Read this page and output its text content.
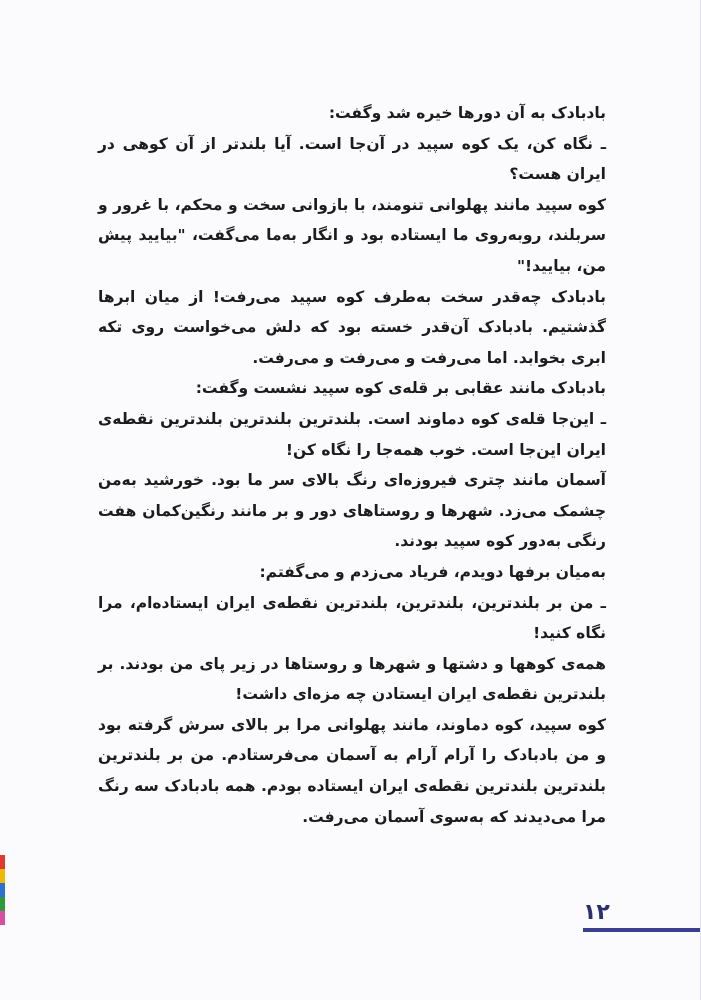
بادبادک به آن دورها خیره شد وگفت:

ـ نگاه کن، یک کوه سپید در آن‌جا است. آیا بلندتر از آن کوهی در ایران هست؟

کوه سپید مانند پهلوانی تنومند، با بازوانی سخت و محکم، با غرور و سربلند، روبه‌روی ما ایستاده بود و انگار به‌ما می‌گفت، "بیایید پیش من، بیایید!"

بادبادک چه‌قدر سخت به‌طرف کوه سپید می‌رفت! از میان ابرها گذشتیم. بادبادک آن‌قدر خسته بود که دلش می‌خواست روی تکه ابری بخوابد. اما می‌رفت و می‌رفت و می‌رفت.

بادبادک مانند عقابی بر قله‌ی کوه سپید نشست وگفت:

ـ این‌جا قله‌ی کوه دماوند است. بلندترین بلندترین بلندترین نقطه‌ی ایران این‌جا است. خوب همه‌جا را نگاه کن!

آسمان مانند چتری فیروزه‌ای رنگ بالای سر ما بود. خورشید به‌من چشمک می‌زد. شهرها و روستاهای دور و بر مانند رنگین‌کمان هفت رنگی به‌دور کوه سپید بودند.

به‌میان برفها دویدم، فریاد می‌زدم و می‌گفتم:

ـ من بر بلندترین، بلندترین، بلندترین نقطه‌ی ایران ایستاده‌ام، مرا نگاه کنید!

همه‌ی کوهها و دشتها و شهرها و روستاها در زیر پای من بودند. بر بلندترین نقطه‌ی ایران ایستادن چه مزه‌ای داشت!

کوه سپید، کوه دماوند، مانند پهلوانی مرا بر بالای سرش گرفته بود و من بادبادک را آرام آرام به آسمان می‌فرستادم. من بر بلندترین بلندترین بلندترین نقطه‌ی ایران ایستاده بودم. همه بادبادک سه رنگ مرا می‌دیدند که به‌سوی آسمان می‌رفت.

۱۲
